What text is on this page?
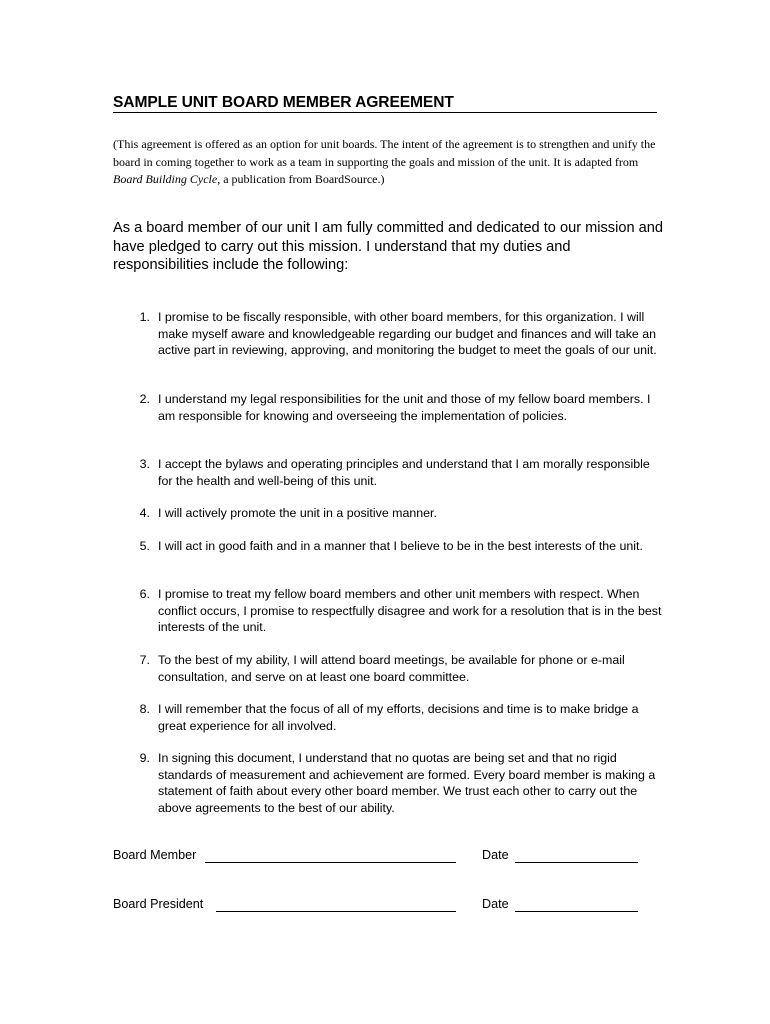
SAMPLE UNIT BOARD MEMBER AGREEMENT
(This agreement is offered as an option for unit boards. The intent of the agreement is to strengthen and unify the board in coming together to work as a team in supporting the goals and mission of the unit. It is adapted from Board Building Cycle, a publication from BoardSource.)
As a board member of our unit I am fully committed and dedicated to our mission and have pledged to carry out this mission. I understand that my duties and responsibilities include the following:
1. I promise to be fiscally responsible, with other board members, for this organization. I will make myself aware and knowledgeable regarding our budget and finances and will take an active part in reviewing, approving, and monitoring the budget to meet the goals of our unit.
2. I understand my legal responsibilities for the unit and those of my fellow board members. I am responsible for knowing and overseeing the implementation of policies.
3. I accept the bylaws and operating principles and understand that I am morally responsible for the health and well-being of this unit.
4. I will actively promote the unit in a positive manner.
5. I will act in good faith and in a manner that I believe to be in the best interests of the unit.
6. I promise to treat my fellow board members and other unit members with respect. When conflict occurs, I promise to respectfully disagree and work for a resolution that is in the best interests of the unit.
7. To the best of my ability, I will attend board meetings, be available for phone or e-mail consultation, and serve on at least one board committee.
8. I will remember that the focus of all of my efforts, decisions and time is to make bridge a great experience for all involved.
9. In signing this document, I understand that no quotas are being set and that no rigid standards of measurement and achievement are formed. Every board member is making a statement of faith about every other board member. We trust each other to carry out the above agreements to the best of our ability.
Board Member	Date
Board President	Date
